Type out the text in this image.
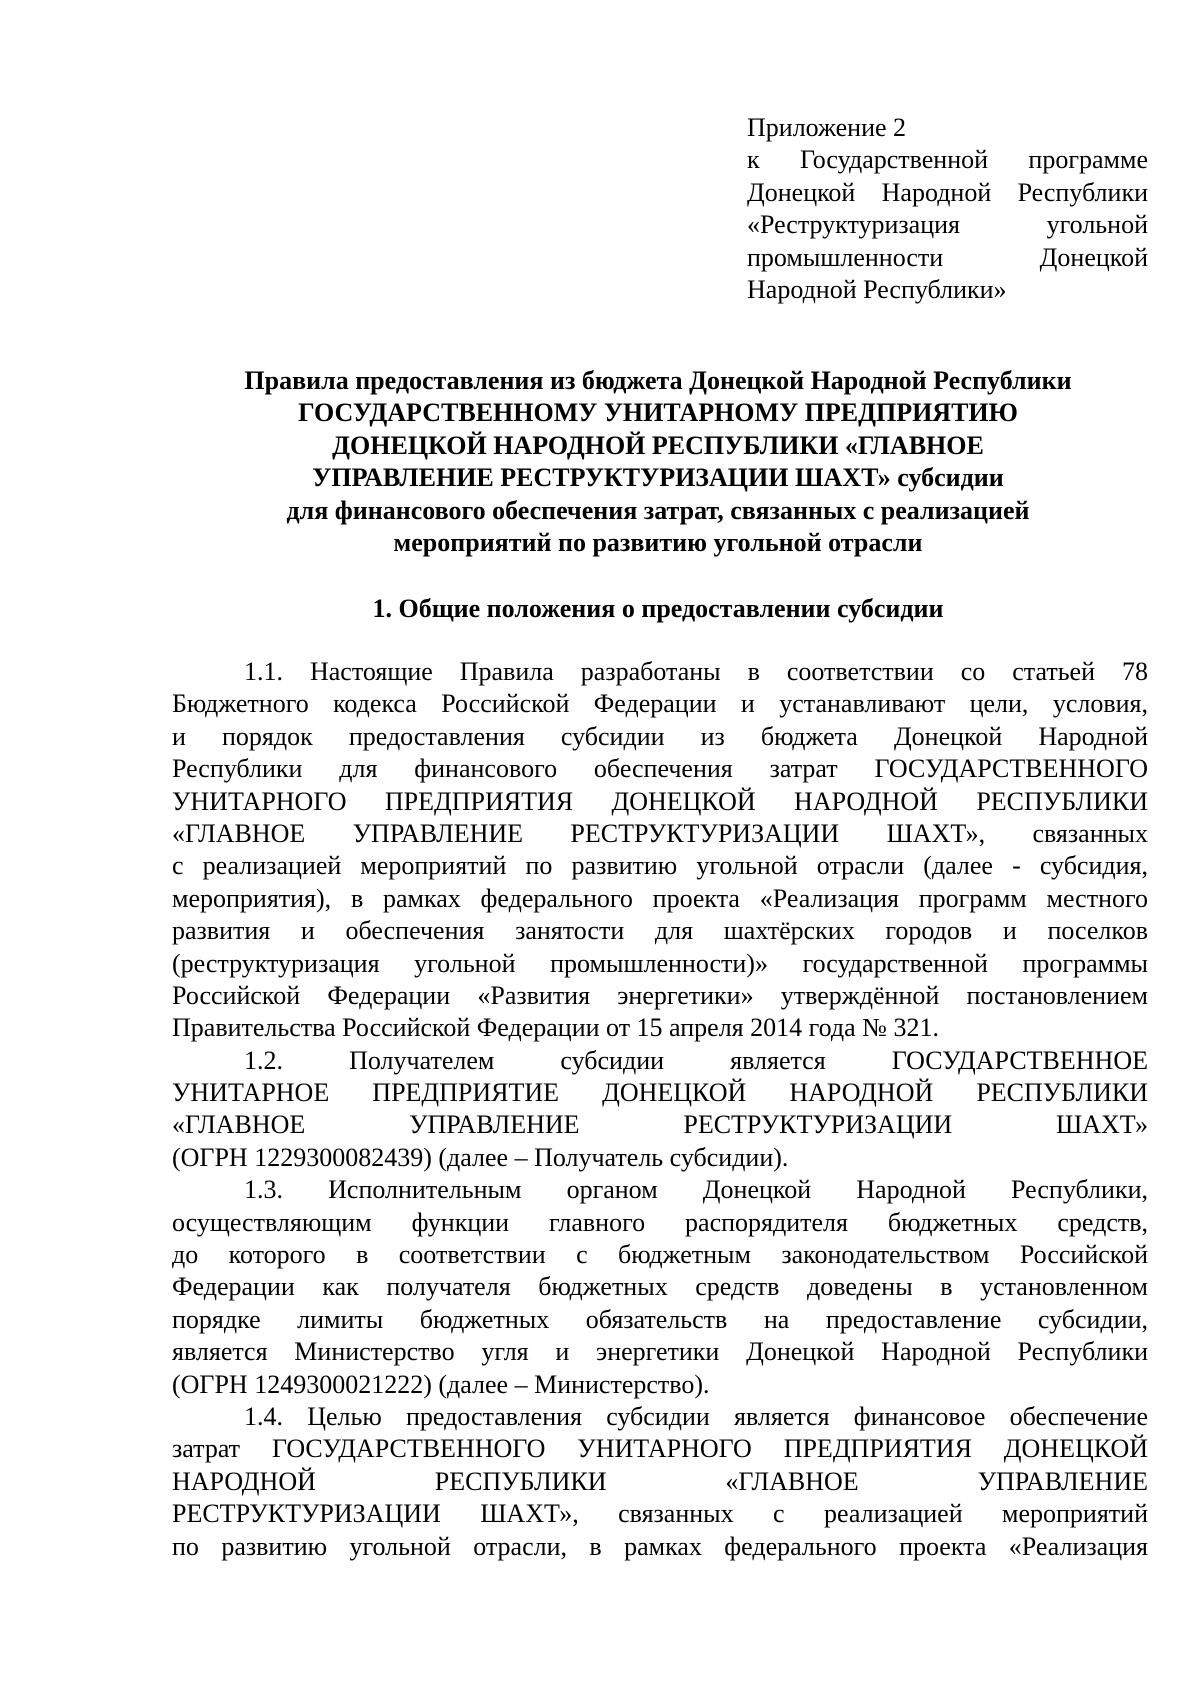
Приложение 2
к Государственной программе
Донецкой Народной Республики
«Реструктуризация угольной
промышленности Донецкой
Народной Республики»
Правила предоставления из бюджета Донецкой Народной Республики
ГОСУДАРСТВЕННОМУ УНИТАРНОМУ ПРЕДПРИЯТИЮ
ДОНЕЦКОЙ НАРОДНОЙ РЕСПУБЛИКИ «ГЛАВНОЕ
УПРАВЛЕНИЕ РЕСТРУКТУРИЗАЦИИ ШАХТ» субсидии
для финансового обеспечения затрат, связанных с реализацией
мероприятий по развитию угольной отрасли
1. Общие положения о предоставлении субсидии
1.1. Настоящие Правила разработаны в соответствии со статьей 78
Бюджетного кодекса Российской Федерации и устанавливают цели, условия,
и порядок предоставления субсидии из бюджета Донецкой Народной
Республики для финансового обеспечения затрат ГОСУДАРСТВЕННОГО
УНИТАРНОГО ПРЕДПРИЯТИЯ ДОНЕЦКОЙ НАРОДНОЙ РЕСПУБЛИКИ
«ГЛАВНОЕ УПРАВЛЕНИЕ РЕСТРУКТУРИЗАЦИИ ШАХТ», связанных
с реализацией мероприятий по развитию угольной отрасли (далее - субсидия,
мероприятия), в рамках федерального проекта «Реализация программ местного
развития и обеспечения занятости для шахтёрских городов и поселков
(реструктуризация угольной промышленности)» государственной программы
Российской Федерации «Развития энергетики» утверждённой постановлением
Правительства Российской Федерации от 15 апреля 2014 года № 321.
1.2. Получателем субсидии является ГОСУДАРСТВЕННОЕ
УНИТАРНОЕ ПРЕДПРИЯТИЕ ДОНЕЦКОЙ НАРОДНОЙ РЕСПУБЛИКИ
«ГЛАВНОЕ УПРАВЛЕНИЕ РЕСТРУКТУРИЗАЦИИ ШАХТ»
(ОГРН 1229300082439) (далее – Получатель субсидии).
1.3. Исполнительным органом Донецкой Народной Республики,
осуществляющим функции главного распорядителя бюджетных средств,
до которого в соответствии с бюджетным законодательством Российской
Федерации как получателя бюджетных средств доведены в установленном
порядке лимиты бюджетных обязательств на предоставление субсидии,
является Министерство угля и энергетики Донецкой Народной Республики
(ОГРН 1249300021222) (далее – Министерство).
1.4. Целью предоставления субсидии является финансовое обеспечение
затрат ГОСУДАРСТВЕННОГО УНИТАРНОГО ПРЕДПРИЯТИЯ ДОНЕЦКОЙ
НАРОДНОЙ РЕСПУБЛИКИ «ГЛАВНОЕ УПРАВЛЕНИЕ
РЕСТРУКТУРИЗАЦИИ ШАХТ», связанных с реализацией мероприятий
по развитию угольной отрасли, в рамках федерального проекта «Реализация
